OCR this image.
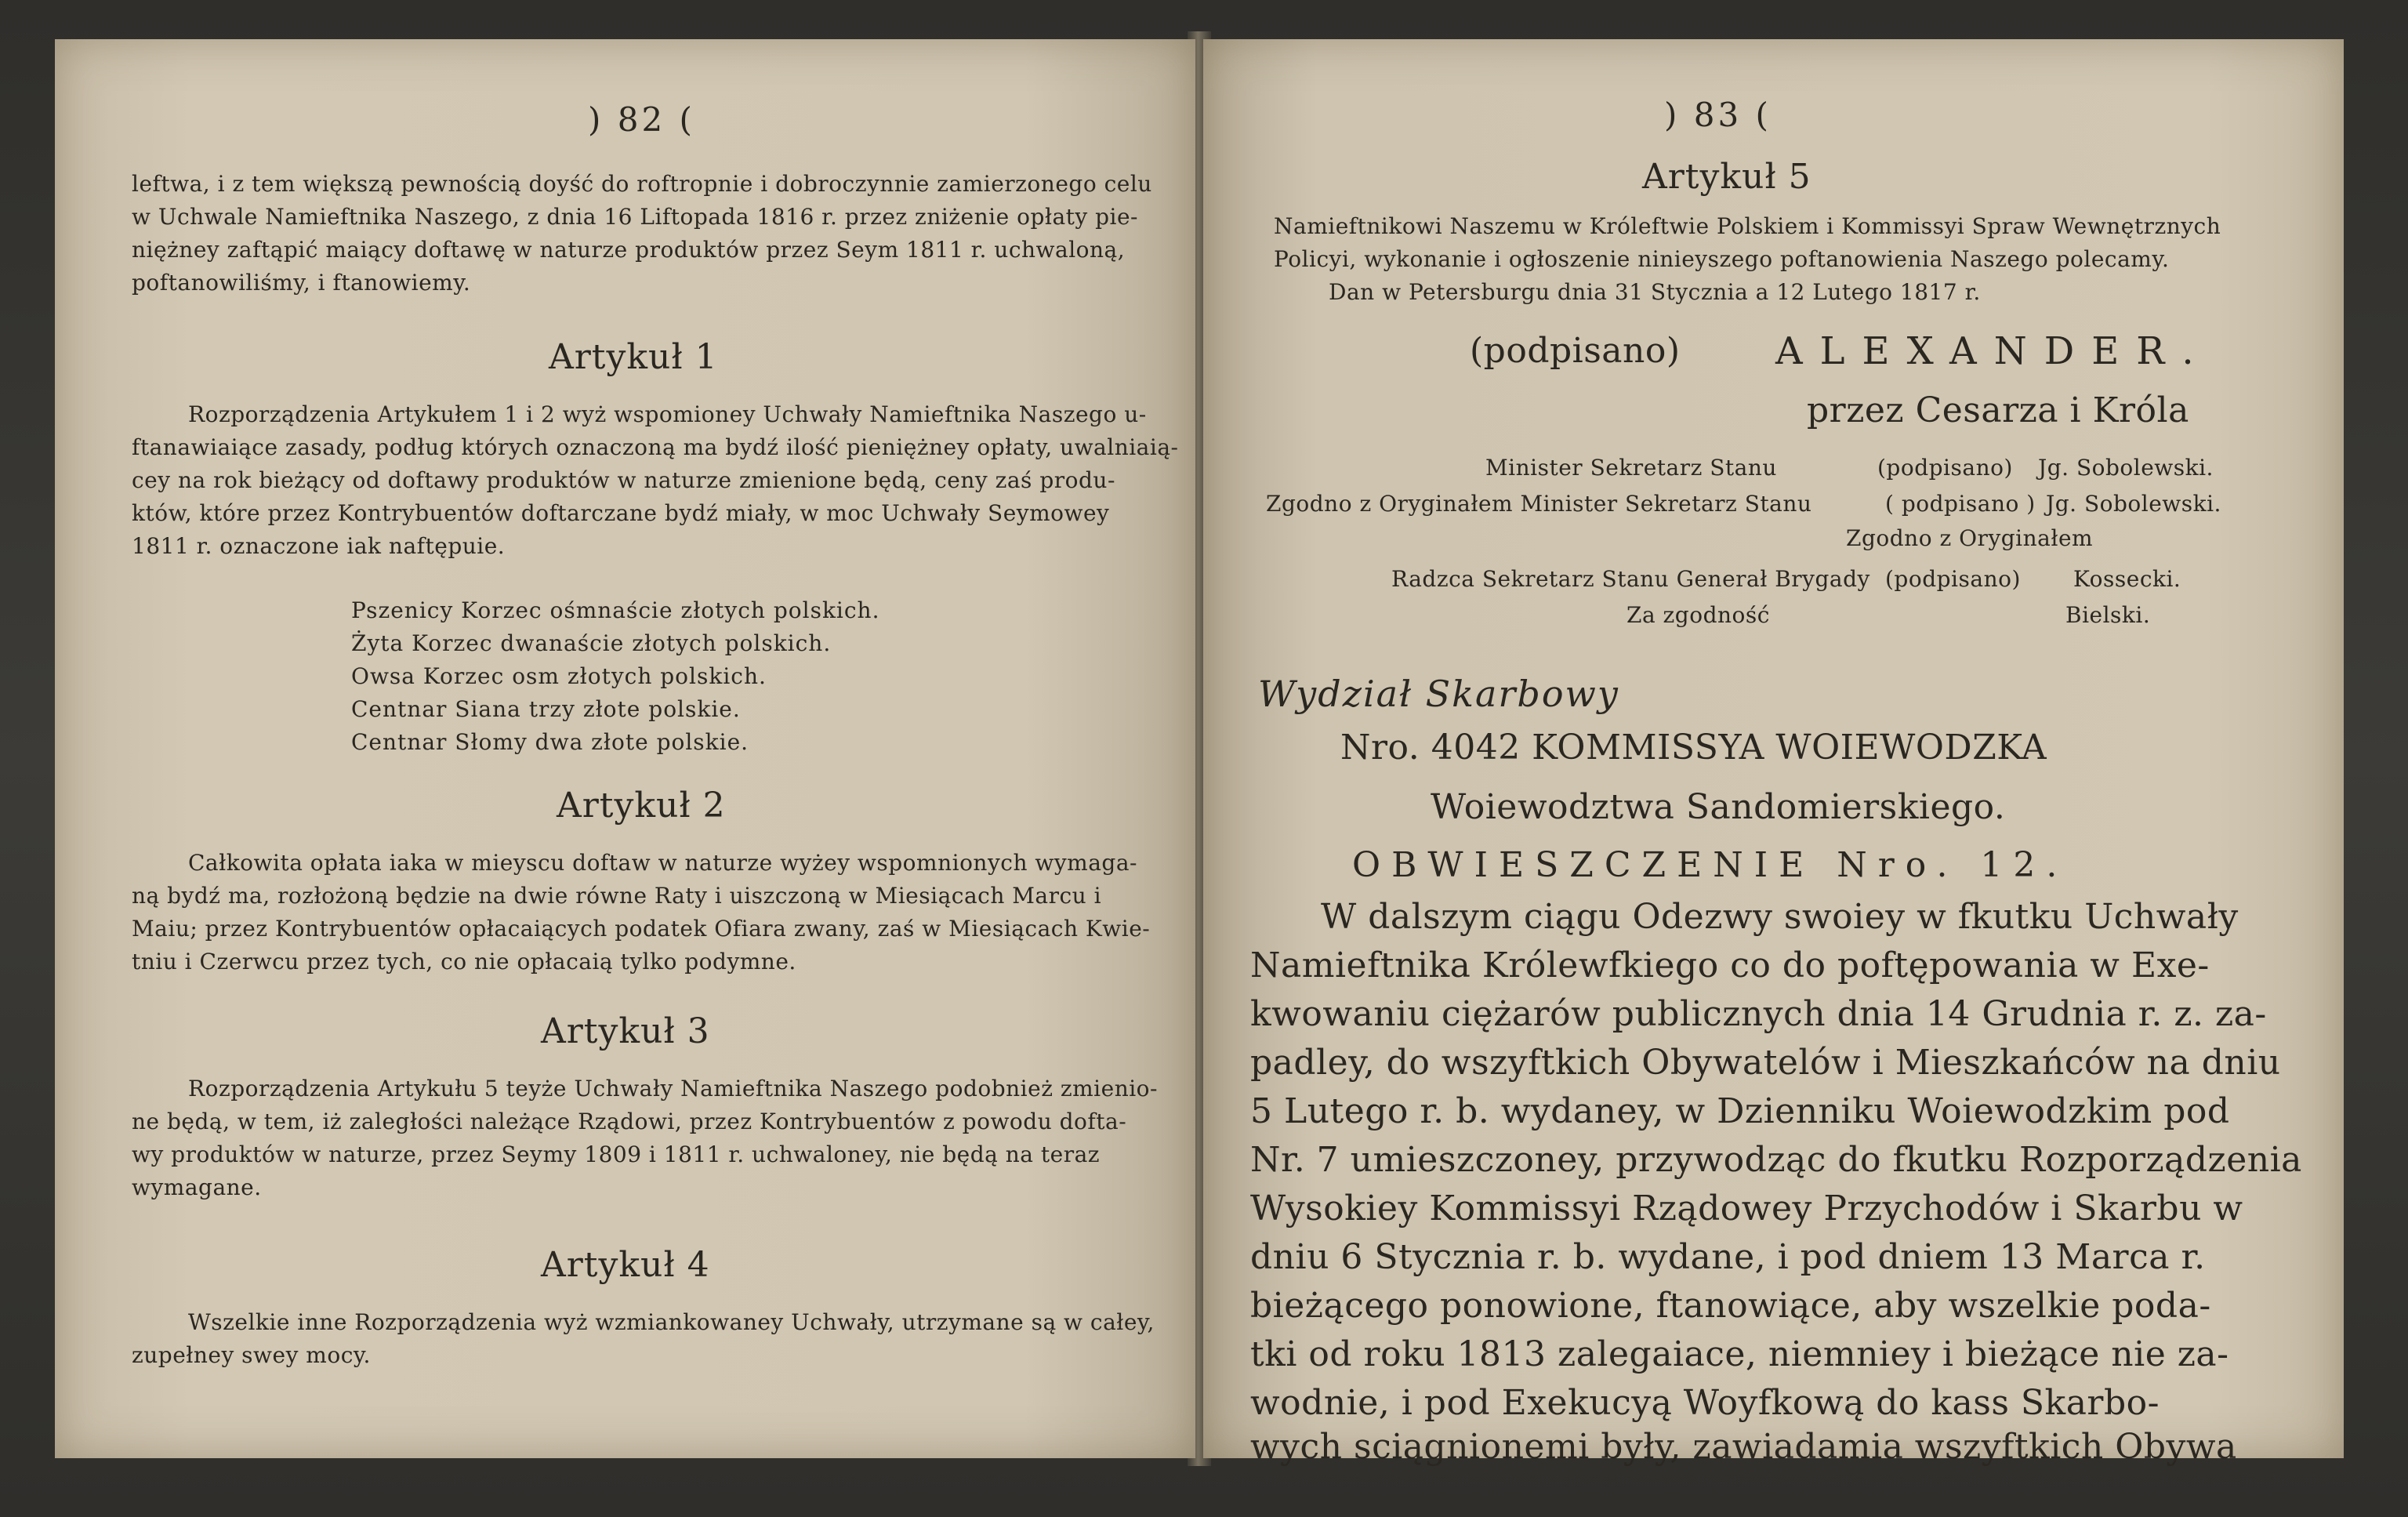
) 82 (
leftwa, i z tem większą pewnością doyść do roftropnie i dobroczynnie zamierzonego celu
w Uchwale Namieftnika Naszego, z dnia 16 Liftopada 1816 r. przez zniżenie opłaty pie-
niężney zaftąpić maiący doftawę w naturze produktów przez Seym 1811 r. uchwaloną,
poftanowiliśmy, i ftanowiemy.
Artykuł 1
Rozporządzenia Artykułem 1 i 2 wyż wspomioney Uchwały Namieftnika Naszego u-
ftanawiaiące zasady, podług których oznaczoną ma bydź ilość pieniężney opłaty, uwalniaią-
cey na rok bieżący od doftawy produktów w naturze zmienione będą, ceny zaś produ-
któw, które przez Kontrybuentów doftarczane bydź miały, w moc Uchwały Seymowey
1811 r. oznaczone iak naftępuie.
Pszenicy Korzec ośmnaście złotych polskich.
Żyta Korzec dwanaście złotych polskich.
Owsa Korzec osm złotych polskich.
Centnar Siana trzy złote polskie.
Centnar Słomy dwa złote polskie.
Artykuł 2
Całkowita opłata iaka w mieyscu doftaw w naturze wyżey wspomnionych wymaga-
ną bydź ma, rozłożoną będzie na dwie równe Raty i uiszczoną w Miesiącach Marcu i
Maiu; przez Kontrybuentów opłacaiących podatek Ofiara zwany, zaś w Miesiącach Kwie-
tniu i Czerwcu przez tych, co nie opłacaią tylko podymne.
Artykuł 3
Rozporządzenia Artykułu 5 teyże Uchwały Namieftnika Naszego podobnież zmienio-
ne będą, w tem, iż zaległości należące Rządowi, przez Kontrybuentów z powodu dofta-
wy produktów w naturze, przez Seymy 1809 i 1811 r. uchwaloney, nie będą na teraz
wymagane.
Artykuł 4
Wszelkie inne Rozporządzenia wyż wzmiankowaney Uchwały, utrzymane są w całey,
zupełney swey mocy.
) 83 (
Artykuł 5
Namieftnikowi Naszemu w Króleftwie Polskiem i Kommissyi Spraw Wewnętrznych
Policyi, wykonanie i ogłoszenie ninieyszego poftanowienia Naszego polecamy.
Dan w Petersburgu dnia 31 Stycznia a 12 Lutego 1817 r.
(podpisano)	ALEXANDER.
przez Cesarza i Króla
Minister Sekretarz Stanu	(podpisano) Jg. Sobolewski.
Zgodno z Oryginałem Minister Sekretarz Stanu	( podpisano ) Jg. Sobolewski.
Zgodno z Oryginałem
Radzca Sekretarz Stanu Generał Brygady (podpisano) Kossecki.
Za zgodność	Bielski.
Wydział Skarbowy
Nro. 4042 KOMMISSYA WOIEWODZKA
Woiewodztwa Sandomierskiego.
OBWIESZCZENIE Nro. 12.
W dalszym ciągu Odezwy swoiey w fkutku Uchwały
Namieftnika Królewfkiego co do poftępowania w Exe-
kwowaniu ciężarów publicznych dnia 14 Grudnia r. z. za-
padley, do wszyftkich Obywatelów i Mieszkańców na dniu
5 Lutego r. b. wydaney, w Dzienniku Woiewodzkim pod
Nr. 7 umieszczoney, przywodząc do fkutku Rozporządzenia
Wysokiey Kommissyi Rządowey Przychodów i Skarbu w
dniu 6 Stycznia r. b. wydane, i pod dniem 13 Marca r.
bieżącego ponowione, ftanowiące, aby wszelkie poda-
tki od roku 1813 zalegaiace, niemniey i bieżące nie za-
wodnie, i pod Exekucyą Woyfkową do kass Skarbo-
wych sciągnionemi były, zawiadamia wszyftkich Obywa
